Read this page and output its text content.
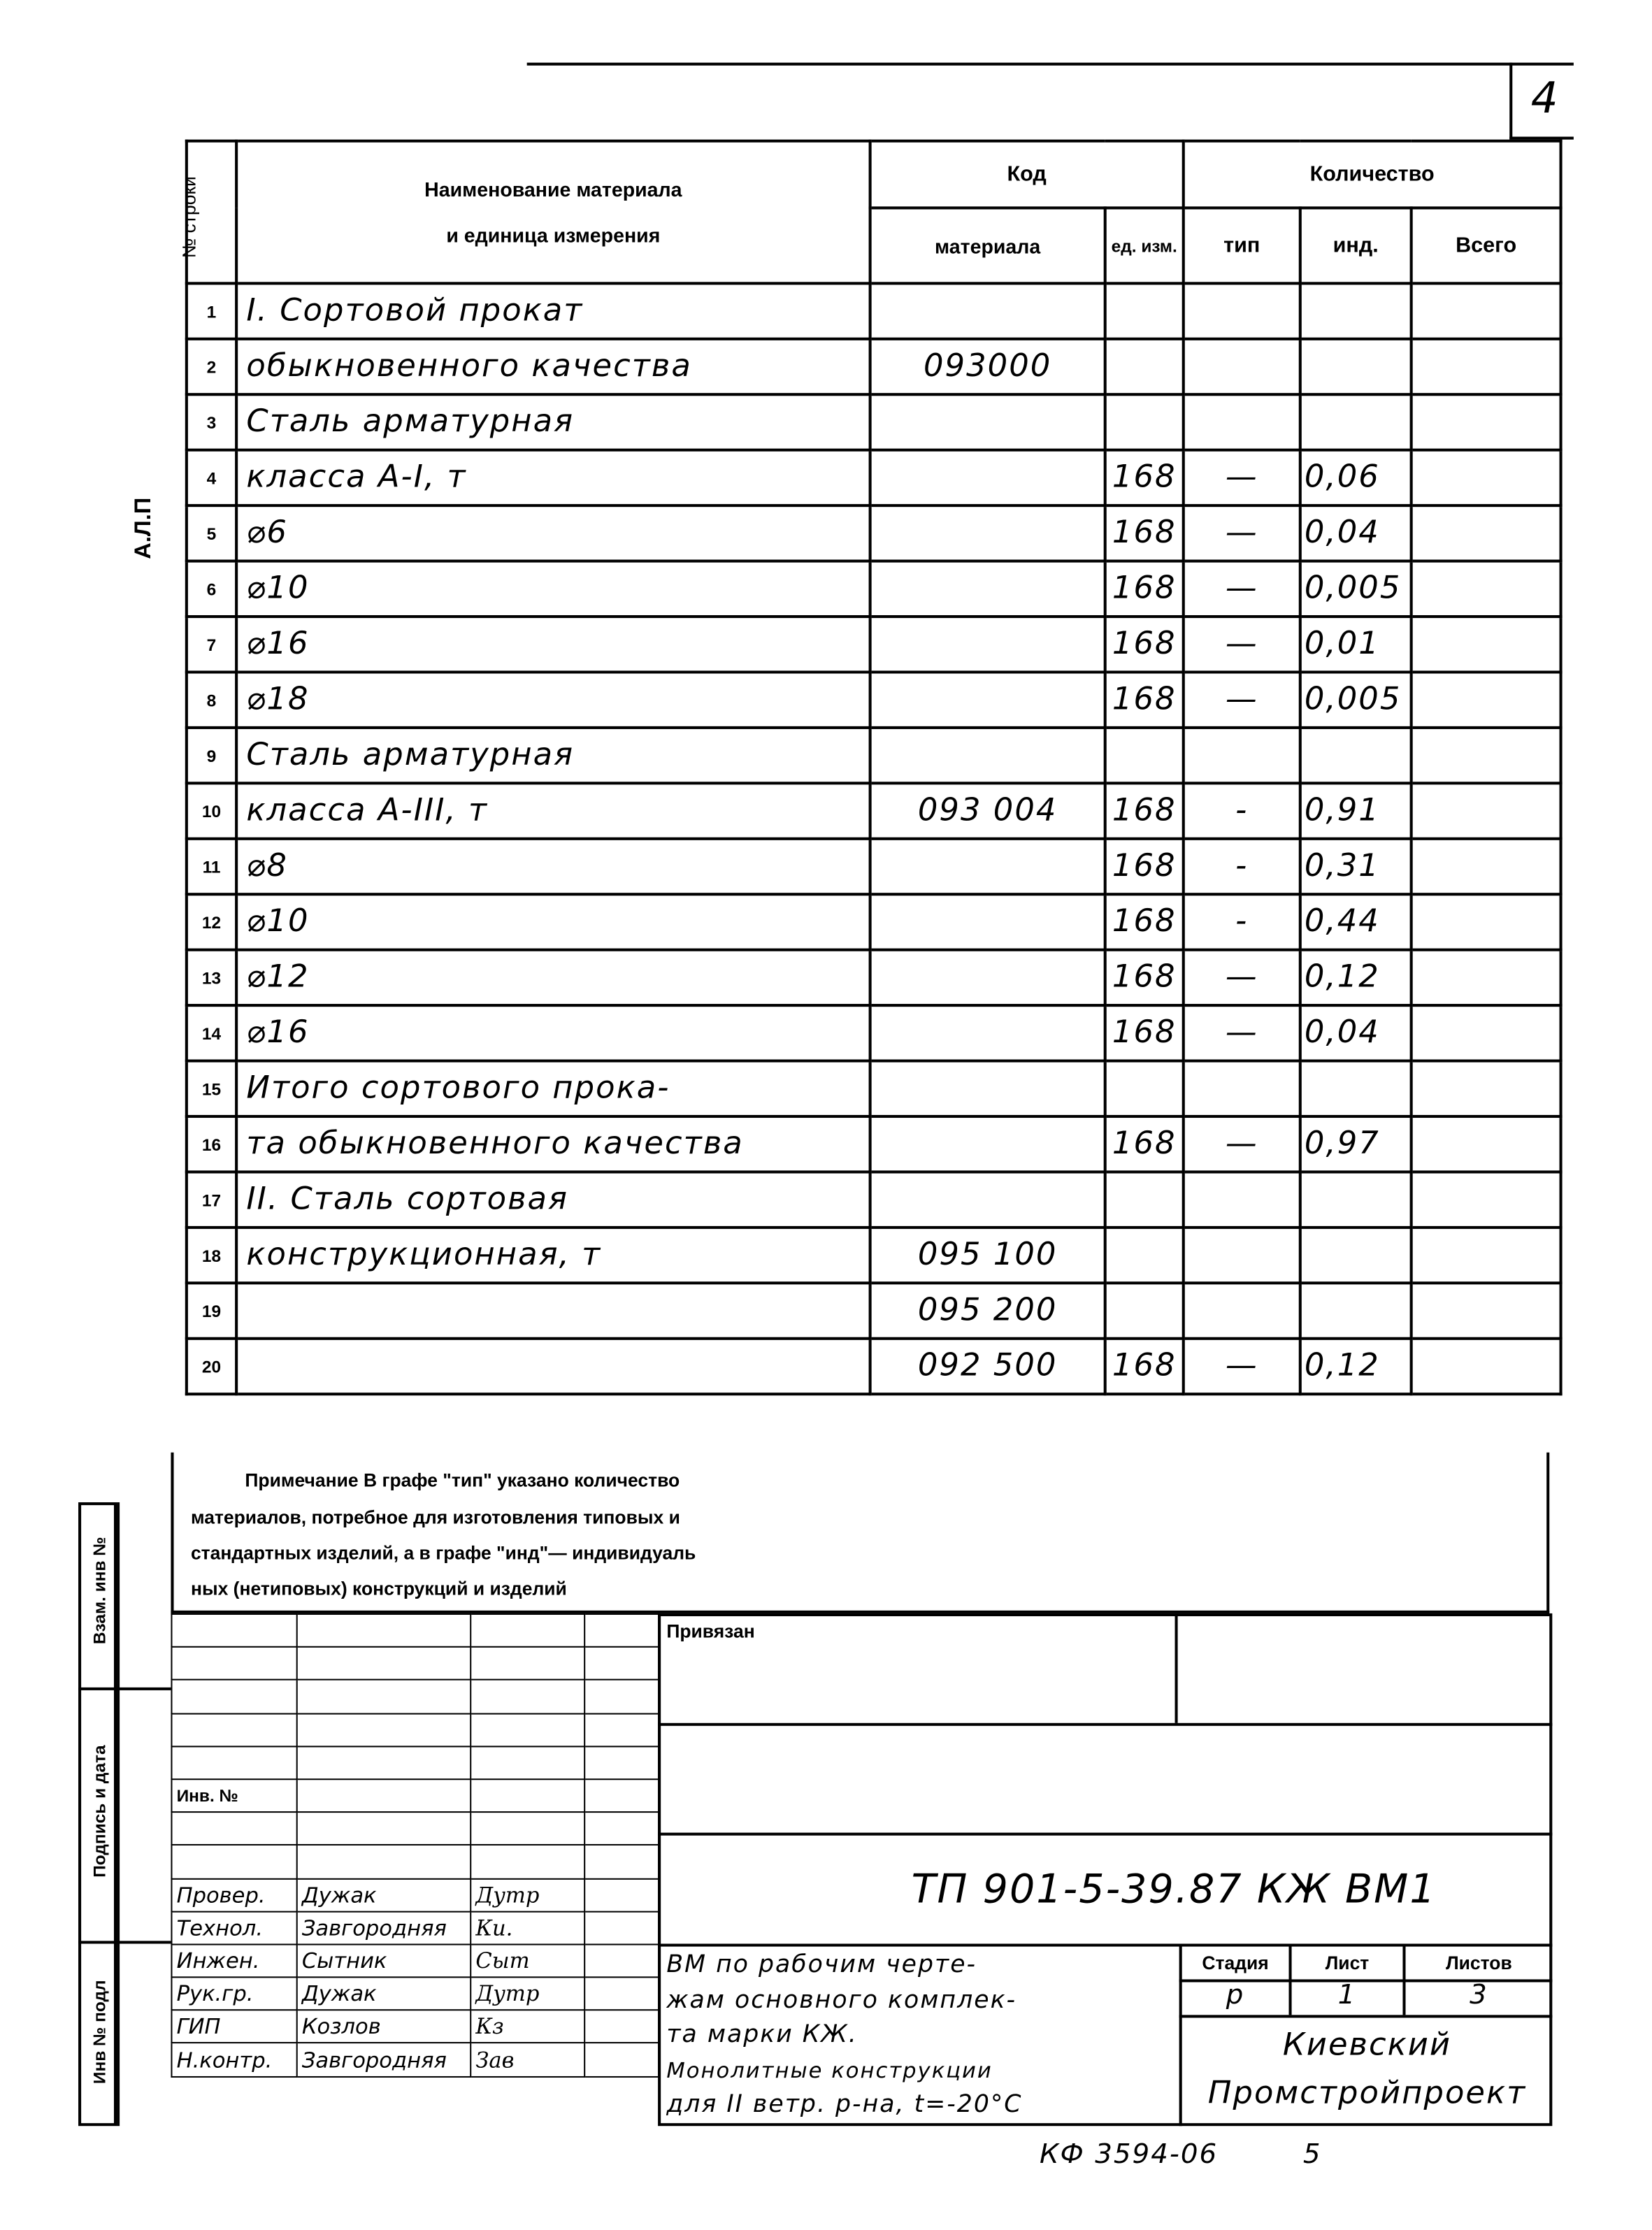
4
А.Л.П
№ строки	Наименование материала
и единица измерения	Код		Количество		
		материала	ед. изм.	тип	инд.	Всего
1	I. Сортовой прокат					
2	обыкновенного качества	093000				
3	Сталь арматурная					
4	класса А-I, т		168	—	0,06	
5	⌀6		168	—	0,04	
6	⌀10		168	—	0,005	
7	⌀16		168	—	0,01	
8	⌀18		168	—	0,005	
9	Сталь арматурная					
10	класса А-III, т	093 004	168	-	0,91	
11	⌀8		168	-	0,31	
12	⌀10		168	-	0,44	
13	⌀12		168	—	0,12	
14	⌀16		168	—	0,04	
15	Итого сортового прока-					
16	та обыкновенного качества		168	—	0,97	
17	II. Сталь сортовая					
18	конструкционная, т	095 100				
19		095 200				
20		092 500	168	—	0,12	
Примечание В графе "тип" указано количество
материалов, потребное для изготовления типовых и
стандартных изделий, а в графе "инд"— индивидуаль
ных (нетиповых) конструкций и изделий
Взам. инв №
Подпись и дата
Инв № подл

Инв. №			

Провер.	Дужак	Дутр	
Технол.	Завгородняя	Ки.	
Инжен.	Сытник	Сыт	
Рук.гр.	Дужак	Дутр	
ГИП	Козлов	Кз	
Н.контр.	Завгородняя	Зав	
Привязан
ТП 901-5-39.87 КЖ ВМ1
ВМ по рабочим черте-
жам основного комплек-
та марки КЖ.
Монолитные конструкции
для II ветр. р-на, t=-20°C
Стадия	Лист	Листов
р	1	3
Киевский
Промстройпроект
КФ 3594-06	5
